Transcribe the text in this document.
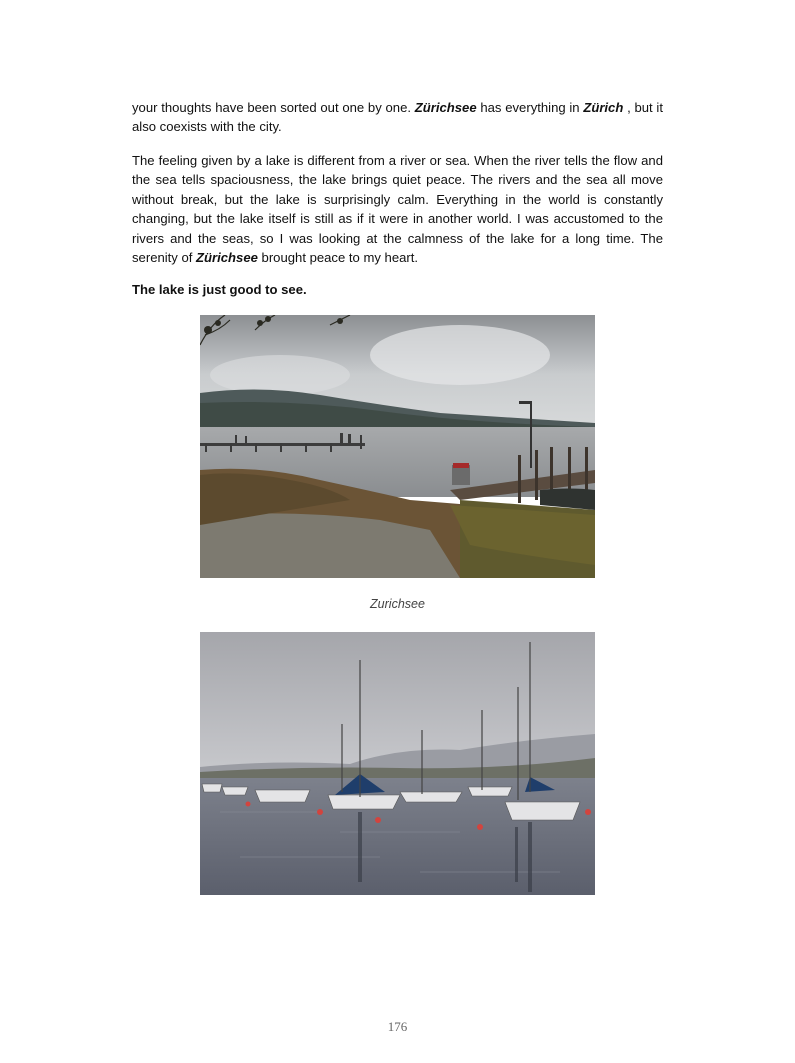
your thoughts have been sorted out one by one. Zürichsee has everything in Zürich , but it also coexists with the city.

The feeling given by a lake is different from a river or sea. When the river tells the flow and the sea tells spaciousness, the lake brings quiet peace. The rivers and the sea all move without break, but the lake is surprisingly calm. Everything in the world is constantly changing, but the lake itself is still as if it were in another world. I was accustomed to the rivers and the seas, so I was looking at the calmness of the lake for a long time. The serenity of Zürichsee brought peace to my heart.

The lake is just good to see.

Zurichsee

176
